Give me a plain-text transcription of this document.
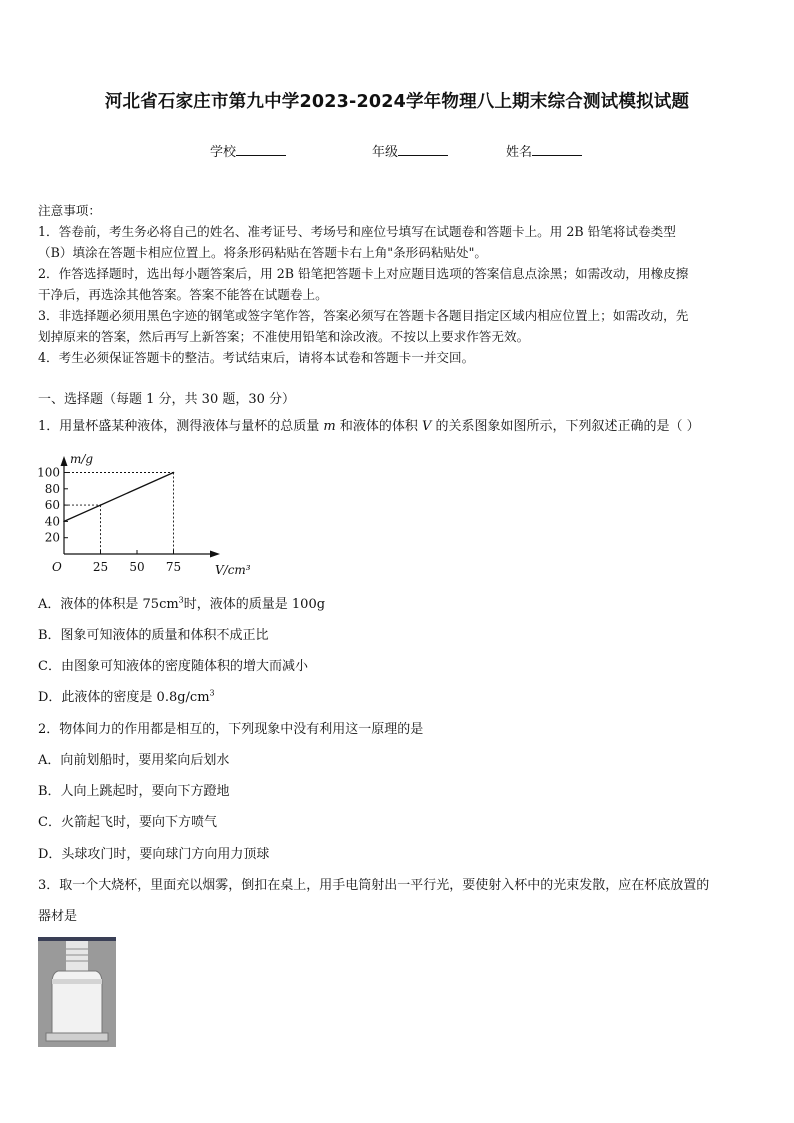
河北省石家庄市第九中学2023-2024学年物理八上期末综合测试模拟试题
学校	年级	姓名
注意事项：
1．答卷前，考生务必将自己的姓名、准考证号、考场号和座位号填写在试题卷和答题卡上。用 2B 铅笔将试卷类型
（B）填涂在答题卡相应位置上。将条形码粘贴在答题卡右上角"条形码粘贴处"。
2．作答选择题时，选出每小题答案后，用 2B 铅笔把答题卡上对应题目选项的答案信息点涂黑；如需改动，用橡皮擦
干净后，再选涂其他答案。答案不能答在试题卷上。
3．非选择题必须用黑色字迹的钢笔或签字笔作答，答案必须写在答题卡各题目指定区域内相应位置上；如需改动，先
划掉原来的答案，然后再写上新答案；不准使用铅笔和涂改液。不按以上要求作答无效。
4．考生必须保证答题卡的整洁。考试结束后，请将本试卷和答题卡一并交回。
一、选择题（每题 1 分，共 30 题，30 分）
1．用量杯盛某种液体，测得液体与量杯的总质量 m 和液体的体积 V 的关系图象如图所示，下列叙述正确的是（ ）
20
40
60
80
100
25 50 75
O
m/g
V/cm³
A．液体的体积是 $75cm^3$时，液体的质量是 100g
B．图象可知液体的质量和体积不成正比
C．由图象可知液体的密度随体积的增大而减小
D．此液体的密度是 $0.8g/cm^3$
2．物体间力的作用都是相互的，下列现象中没有利用这一原理的是
A．向前划船时，要用桨向后划水
B．人向上跳起时，要向下方蹬地
C．火箭起飞时，要向下方喷气
D．头球攻门时，要向球门方向用力顶球
3．取一个大烧杯，里面充以烟雾，倒扣在桌上，用手电筒射出一平行光，要使射入杯中的光束发散，应在杯底放置的
器材是
